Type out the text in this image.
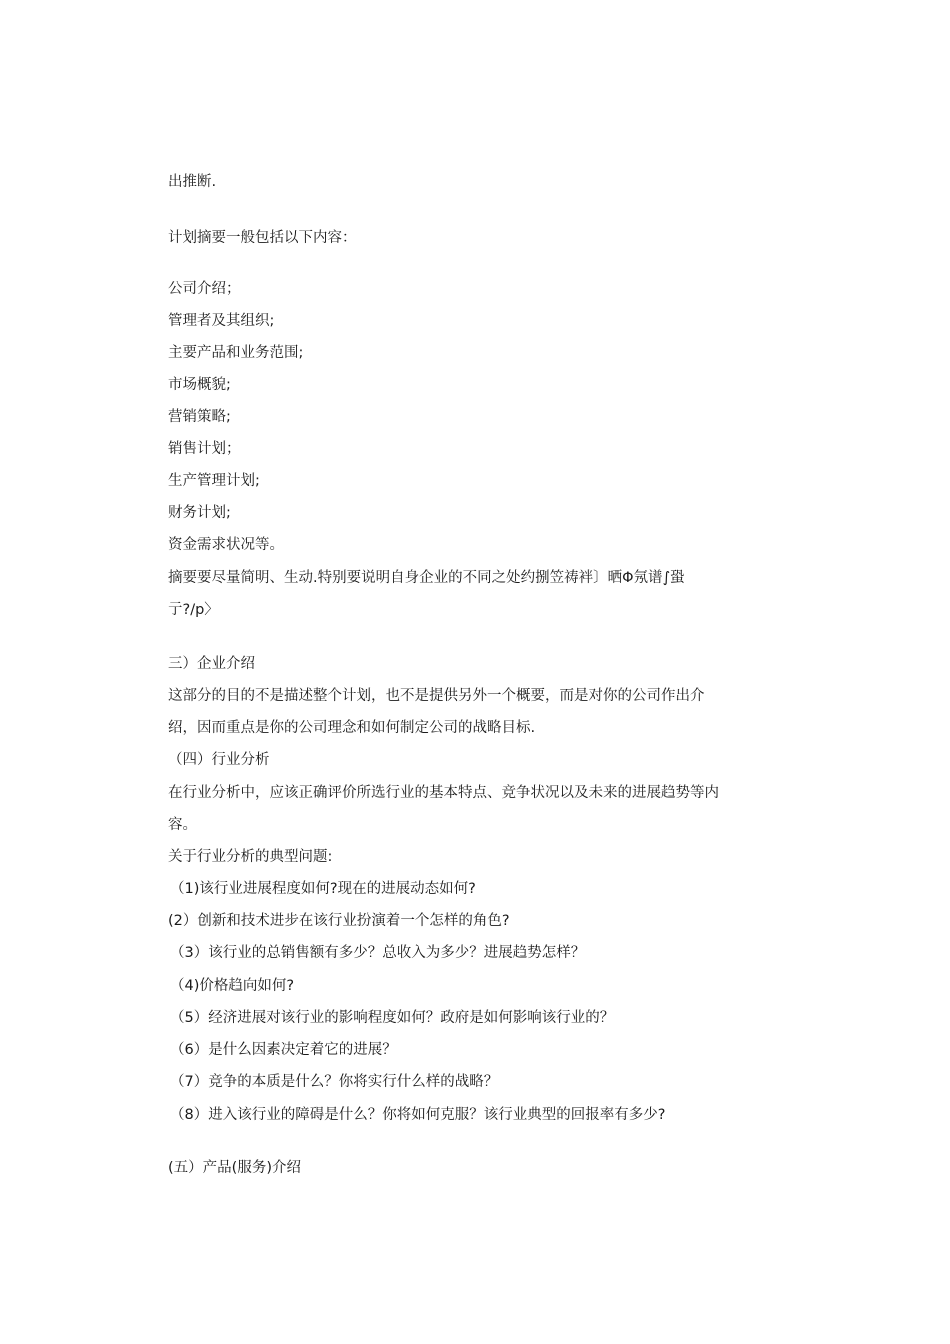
出推断.
计划摘要一般包括以下内容：
公司介绍；
管理者及其组织;
主要产品和业务范围;
市场概貌;
营销策略;
销售计划；
生产管理计划;
财务计划;
资金需求状况等。
摘要要尽量简明、生动.特别要说明自身企业的不同之处约捌笠祷袢〕晒Φ氖谱∫蛩
亍?/p〉
三）企业介绍
这部分的目的不是描述整个计划，也不是提供另外一个概要，而是对你的公司作出介
绍，因而重点是你的公司理念和如何制定公司的战略目标.
（四）行业分析
在行业分析中，应该正确评价所选行业的基本特点、竞争状况以及未来的进展趋势等内
容。
关于行业分析的典型问题:
（1)该行业进展程度如何?现在的进展动态如何?
(2）创新和技术进步在该行业扮演着一个怎样的角色?
（3）该行业的总销售额有多少？总收入为多少？进展趋势怎样？
（4)价格趋向如何?
（5）经济进展对该行业的影响程度如何？政府是如何影响该行业的？
（6）是什么因素决定着它的进展？
（7）竞争的本质是什么？你将实行什么样的战略？
（8）进入该行业的障碍是什么？你将如何克服？该行业典型的回报率有多少?
(五）产品(服务)介绍
